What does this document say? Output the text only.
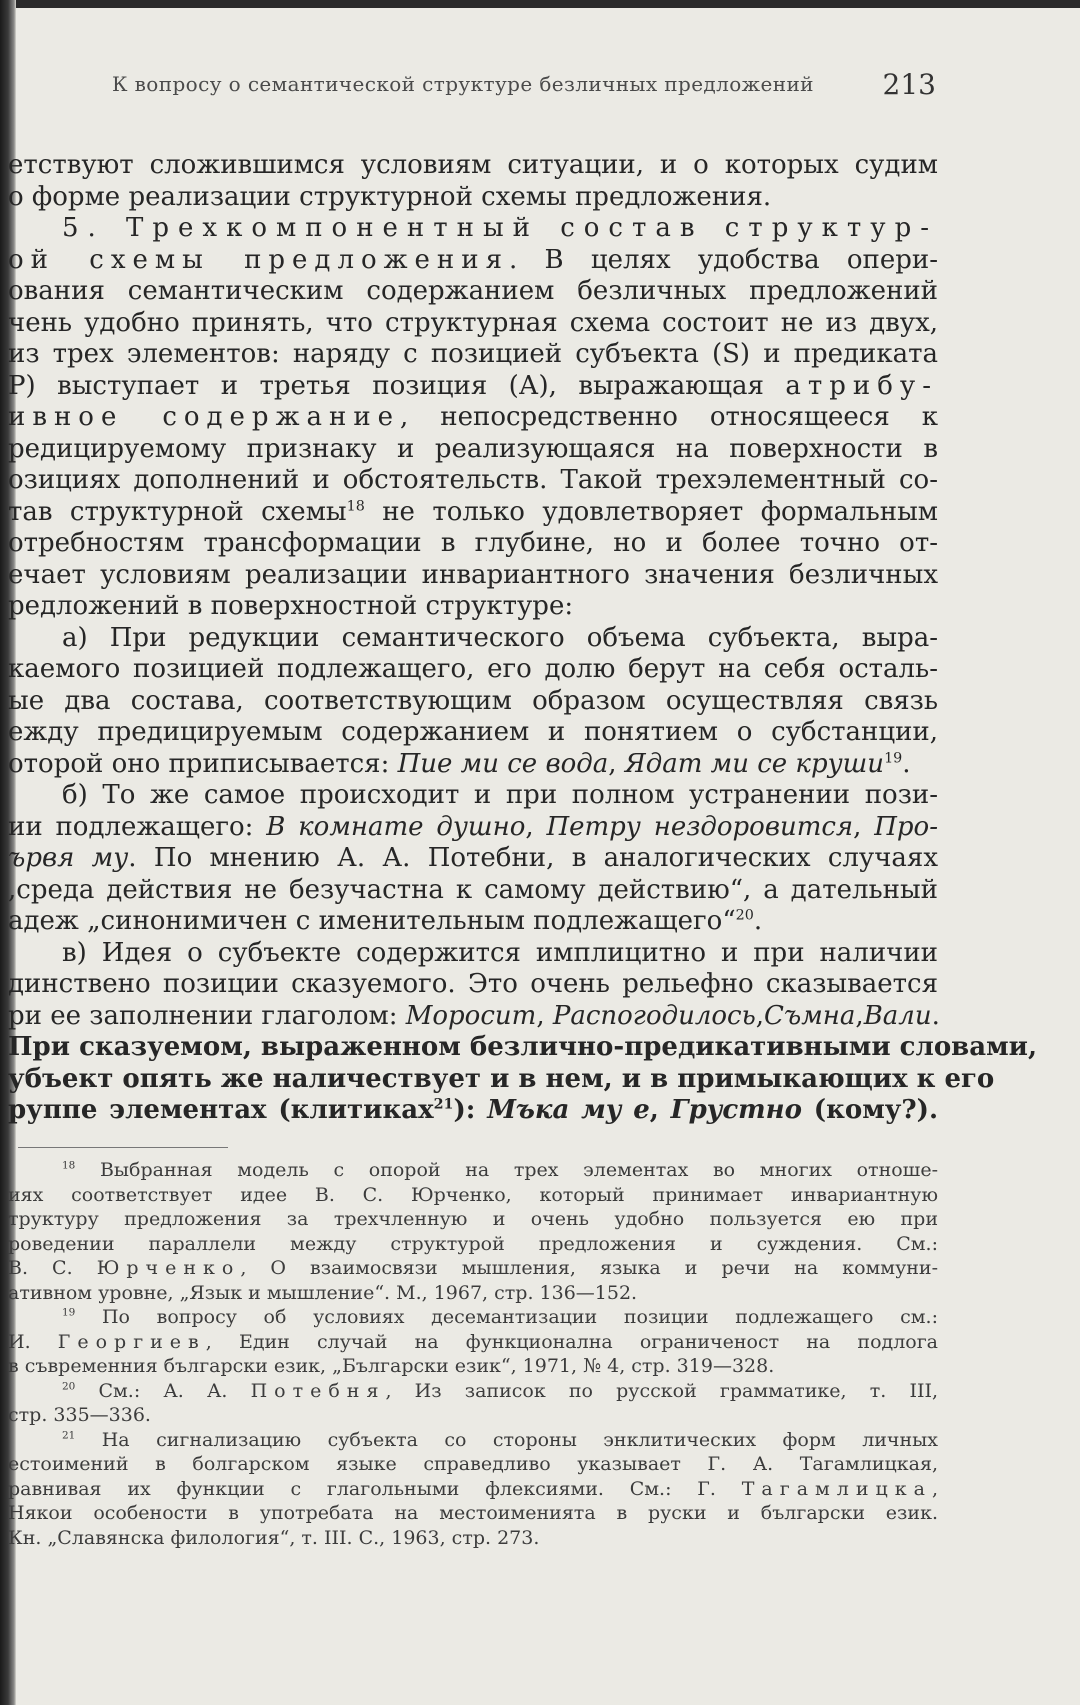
К вопросу о семантической структуре безличных предложений 213
етствуют сложившимся условиям ситуации, и о которых судим
о форме реализации структурной схемы предложения.
5. Трехкомпонентный состав структур-
ой схемы предложения. В целях удобства опери-
ования семантическим содержанием безличных предложений
чень удобно принять, что структурная схема состоит не из двух,
из трех элементов: наряду с позицией субъекта (S) и предиката
Р) выступает и третья позиция (А), выражающая атрибу-
ивное содержание, непосредственно относящееся к
редицируемому признаку и реализующаяся на поверхности в
озициях дополнений и обстоятельств. Такой трехэлементный со-
тав структурной схемы$^{18}$ не только удовлетворяет формальным
отребностям трансформации в глубине, но и более точно от-
ечает условиям реализации инвариантного значения безличных
редложений в поверхностной структуре:
а) При редукции семантического объема субъекта, выра-
каемого позицией подлежащего, его долю берут на себя осталь-
ые два состава, соответствующим образом осуществляя связь
ежду предицируемым содержанием и понятием о субстанции,
оторой оно приписывается: Пие ми се вода, Ядат ми се круши$^{19}$.
б) То же самое происходит и при полном устранении пози-
ии подлежащего: В комнате душно, Петру нездоровится, Про-
ървя му. По мнению А. А. Потебни, в аналогических случаях
,среда действия не безучастна к самому действию“, а дательный
адеж „синонимичен с именительным подлежащего“$^{20}$.
в) Идея о субъекте содержится имплицитно и при наличии
динствено позиции сказуемого. Это очень рельефно сказывается
ри ее заполнении глаголом: Моросит, Распогодилось,Съмна,Вали.
При сказуемом, выраженном безлично-предикативными словами,
убъект опять же наличествует и в нем, и в примыкающих к его
руппе элементах (клитиках$^{21}$): Мъка му е, Грустно (кому?).
$^{18}$ Выбранная модель с опорой на трех элементах во многих отноше-
иях соответствует идее В. С. Юрченко, который принимает инвариантную
труктуру предложения за трехчленную и очень удобно пользуется ею при
роведении параллели между структурой предложения и суждения. См.:
В. С. Юрченко, О взаимосвязи мышления, языка и речи на коммуни-
ативном уровне, „Язык и мышление“. М., 1967, стр. 136—152.
$^{19}$ По вопросу об условиях десемантизации позиции подлежащего см.:
И. Георгиев, Един случай на функционална ограниченост на подлога
в съвременния български език, „Български език“, 1971, № 4, стр. 319—328.
$^{20}$ См.: А. А. Потебня, Из записок по русской грамматике, т. III,
стр. 335—336.
$^{21}$ На сигнализацию субъекта со стороны энклитических форм личных
естоимений в болгарском языке справедливо указывает Г. А. Тагамлицкая,
равнивая их функции с глагольными флексиями. См.: Г. Тагамлицка,
Някои особености в употребата на местоименията в руски и български език.
Кн. „Славянска филология“, т. III. С., 1963, стр. 273.
